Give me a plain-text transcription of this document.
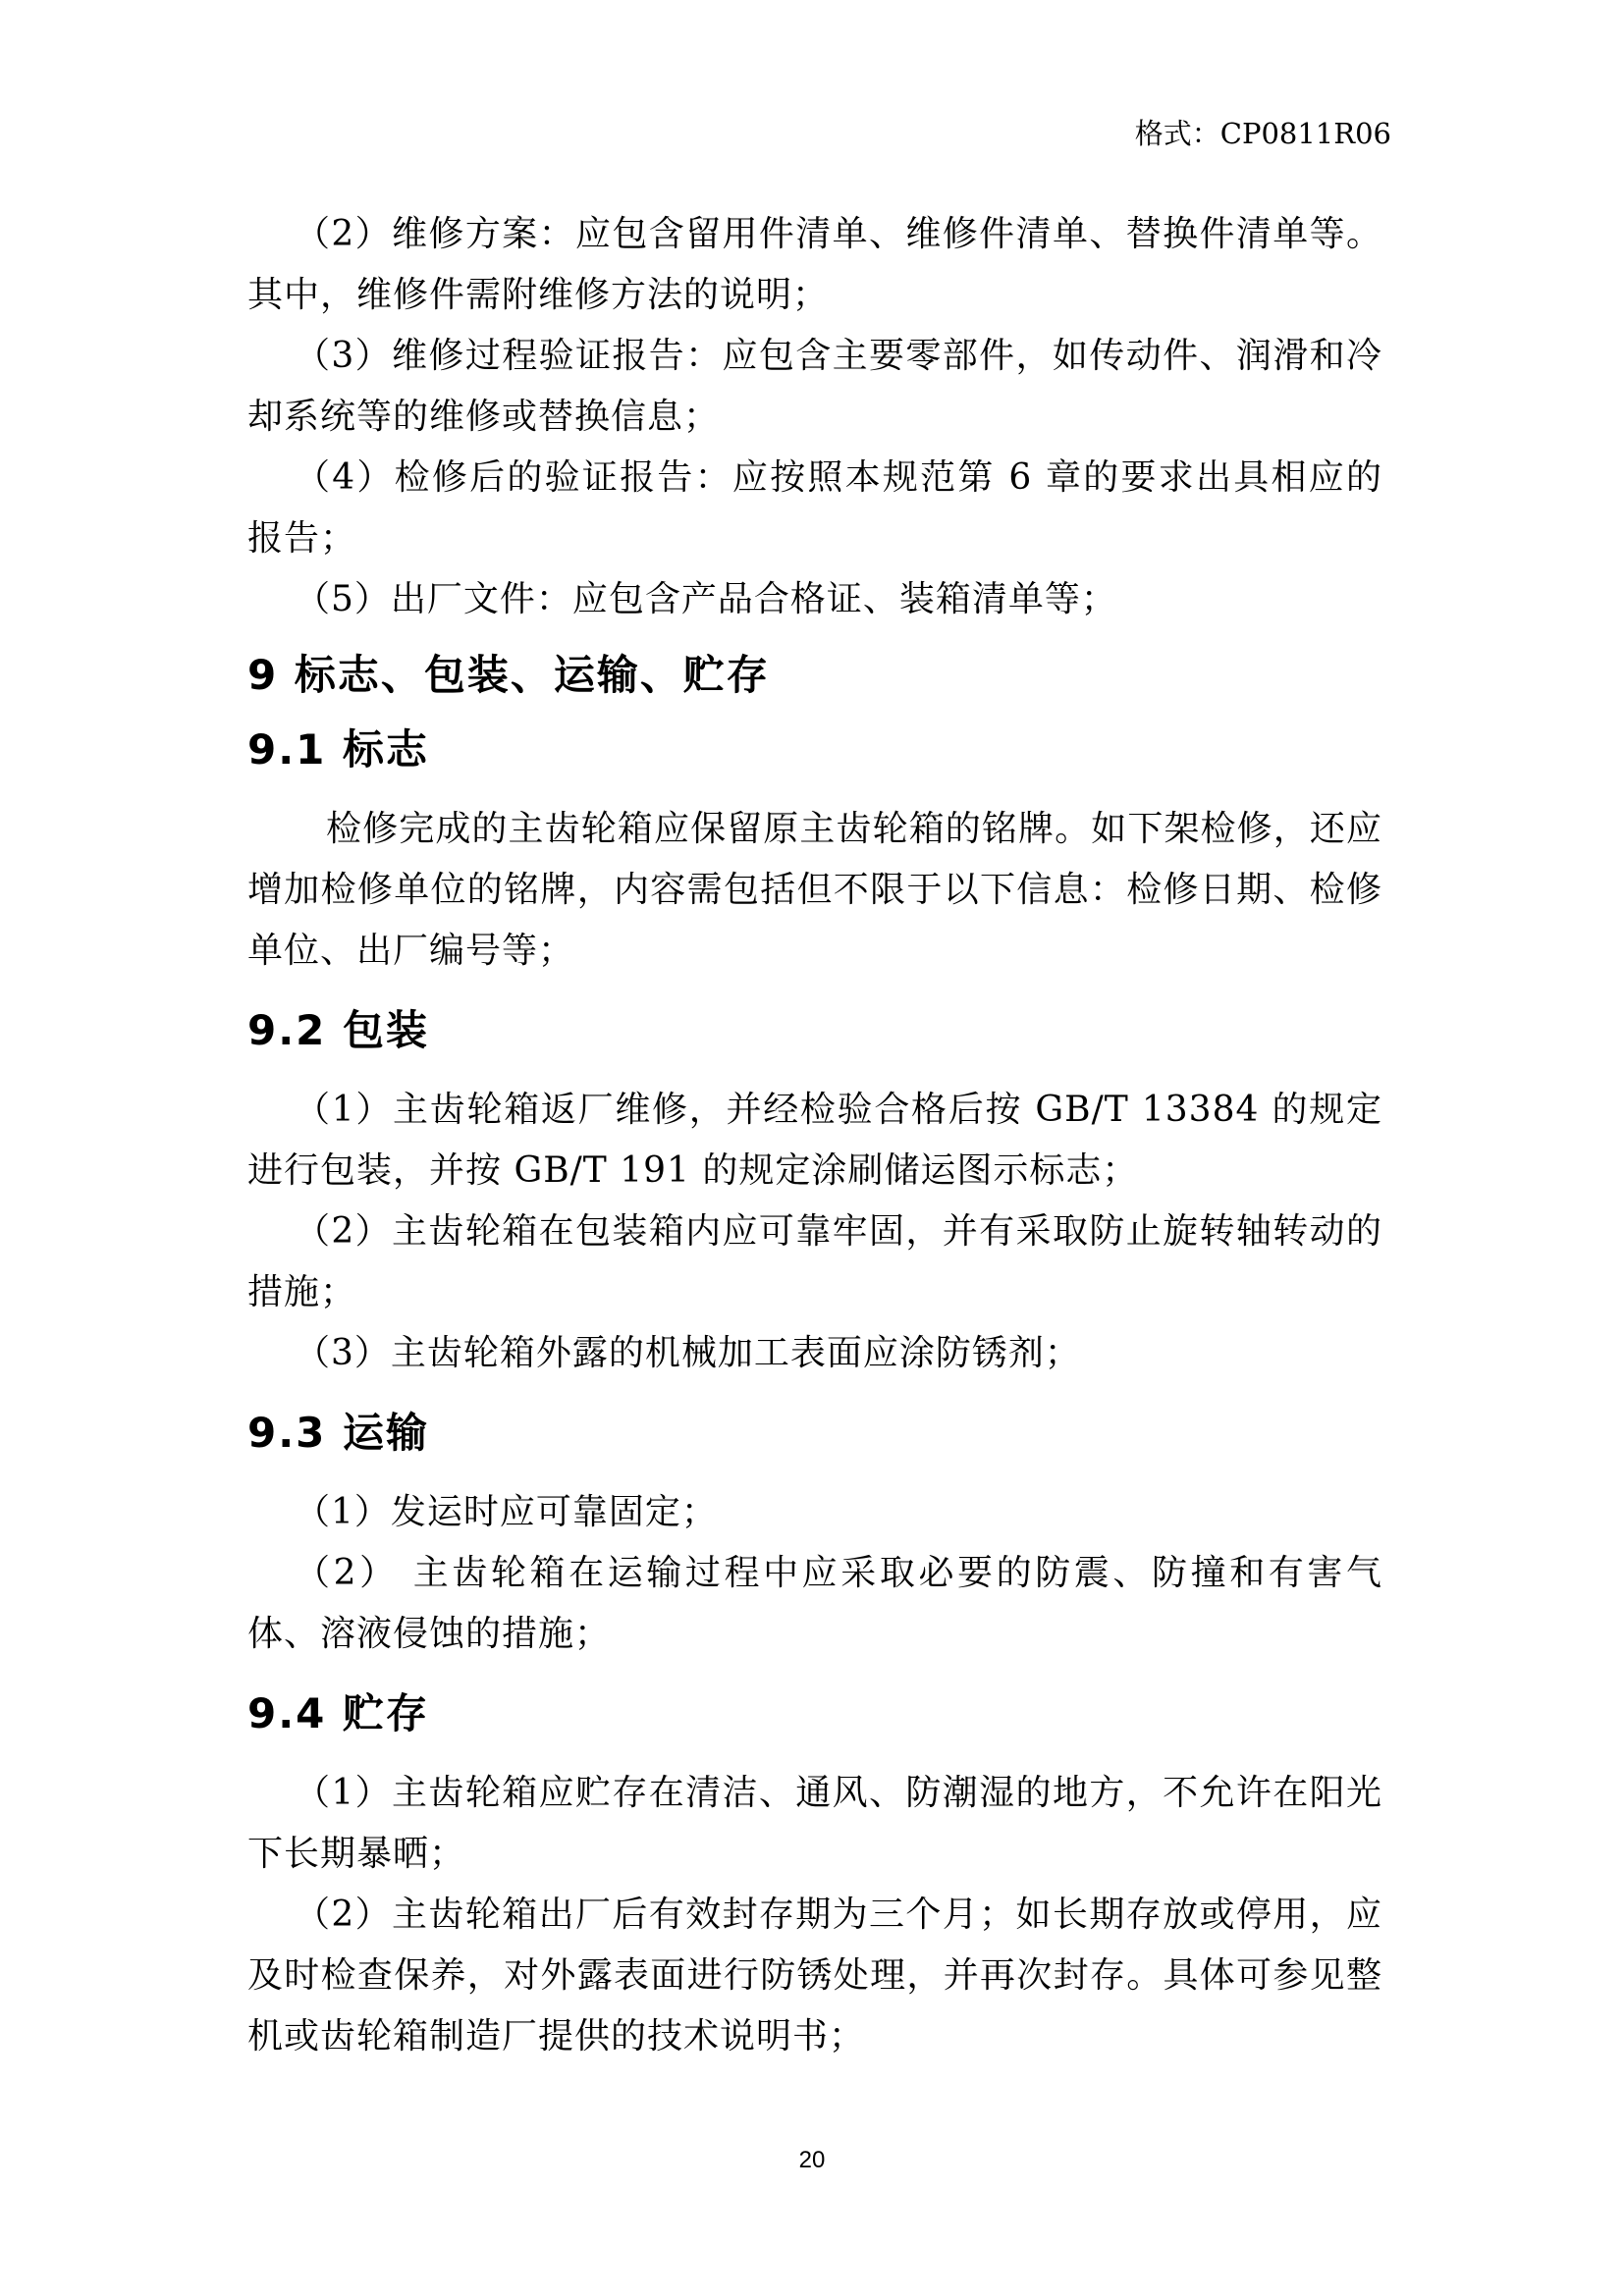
格式：CP0811R06

（2）维修方案：应包含留用件清单、维修件清单、替换件清单等。其中，维修件需附维修方法的说明；

（3）维修过程验证报告：应包含主要零部件，如传动件、润滑和冷却系统等的维修或替换信息；

（4）检修后的验证报告：应按照本规范第 6 章的要求出具相应的报告；

（5）出厂文件：应包含产品合格证、装箱清单等；

9 标志、包装、运输、贮存
9.1 标志

检修完成的主齿轮箱应保留原主齿轮箱的铭牌。如下架检修，还应增加检修单位的铭牌，内容需包括但不限于以下信息：检修日期、检修单位、出厂编号等；

9.2 包装

（1）主齿轮箱返厂维修，并经检验合格后按 GB/T 13384 的规定进行包装，并按 GB/T 191 的规定涂刷储运图示标志；

（2）主齿轮箱在包装箱内应可靠牢固，并有采取防止旋转轴转动的措施；

（3）主齿轮箱外露的机械加工表面应涂防锈剂；

9.3 运输

（1）发运时应可靠固定；

（2） 主齿轮箱在运输过程中应采取必要的防震、防撞和有害气体、溶液侵蚀的措施；

9.4 贮存

（1）主齿轮箱应贮存在清洁、通风、防潮湿的地方，不允许在阳光下长期暴晒；

（2）主齿轮箱出厂后有效封存期为三个月；如长期存放或停用，应及时检查保养，对外露表面进行防锈处理，并再次封存。具体可参见整机或齿轮箱制造厂提供的技术说明书；

20
